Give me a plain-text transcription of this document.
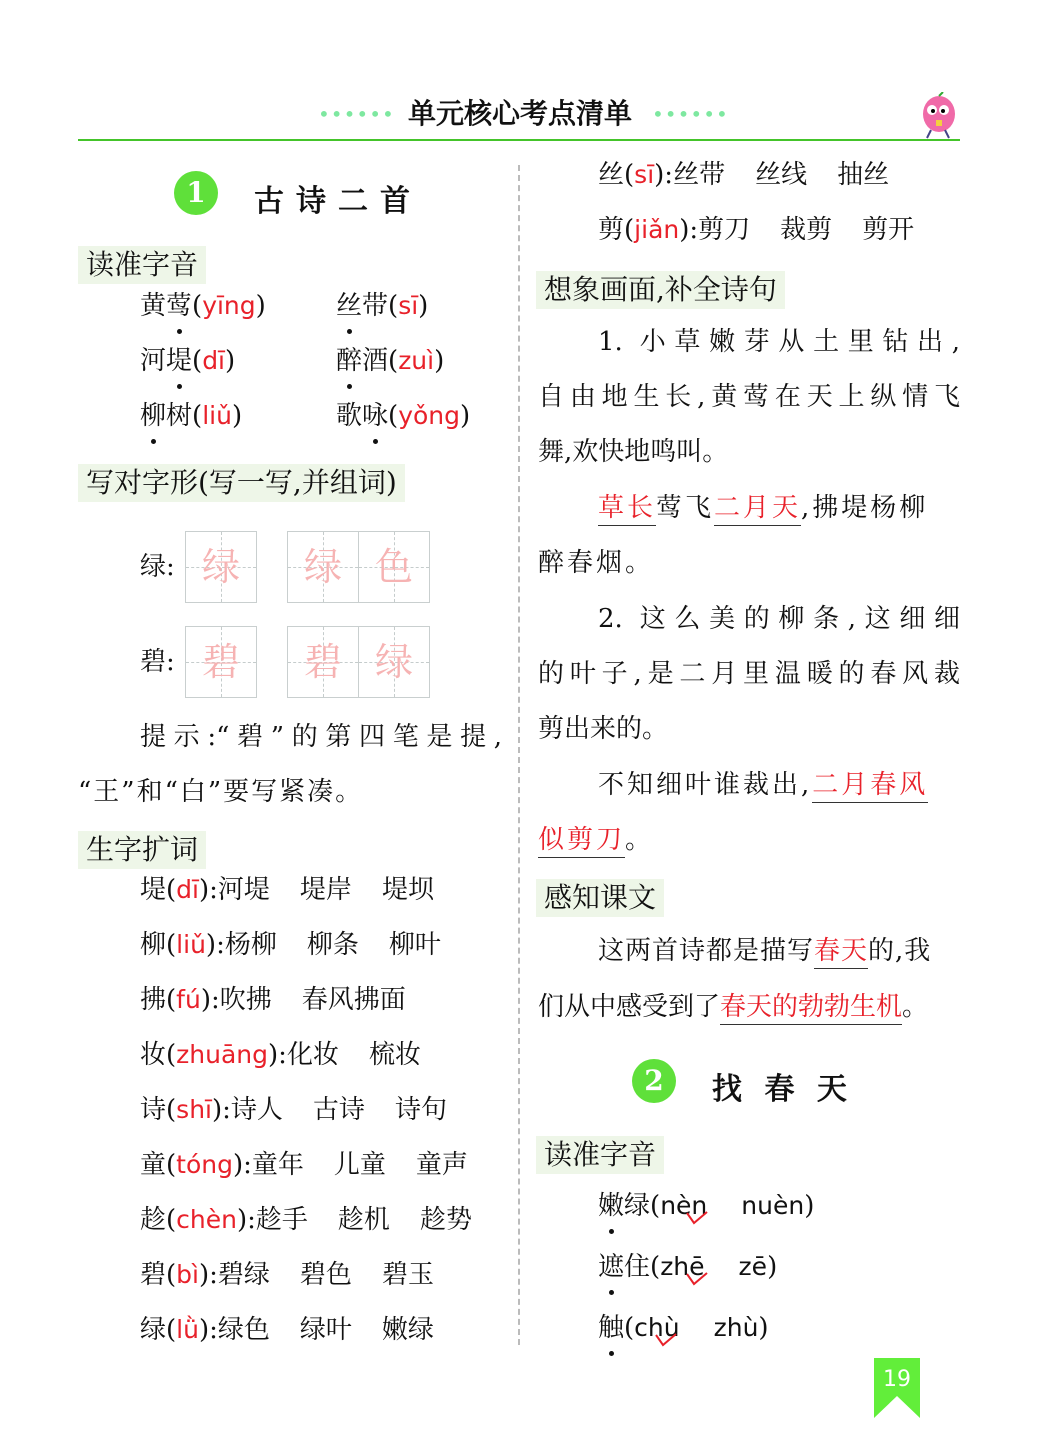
•••••• 单元核心考点清单 ••••••
1	古诗二首
读准字音
黄莺(yīng)	丝带(sī)
河堤(dī)	醉酒(zuì)
柳树(liǔ)	歌咏(yǒng)
写对字形(写一写,并组词)
绿: 绿	绿 色
碧: 碧	碧 绿
提示:“碧”的第四笔是提,
“王”和“白”要写紧凑。
生字扩词
堤(dī):河堤 堤岸 堤坝
柳(liǔ):杨柳 柳条 柳叶
拂(fú):吹拂 春风拂面
妆(zhuāng):化妆 梳妆
诗(shī):诗人 古诗 诗句
童(tóng):童年 儿童 童声
趁(chèn):趁手 趁机 趁势
碧(bì):碧绿 碧色 碧玉
绿(lǜ):绿色 绿叶 嫩绿
丝(sī):丝带 丝线 抽丝
剪(jiǎn):剪刀 裁剪 剪开
想象画面,补全诗句
1. 小草嫩芽从土里钻出,
自由地生长,黄莺在天上纵情飞
舞,欢快地鸣叫。
草长莺飞二月天,拂堤杨柳
醉春烟。
2. 这么美的柳条,这细细
的叶子,是二月里温暖的春风裁
剪出来的。
不知细叶谁裁出,二月春风
似剪刀。
感知课文
这两首诗都是描写春天的,我
们从中感受到了春天的勃勃生机。
2	找 春 天
读准字音
嫩绿(nèn nuèn)
遮住(zhē zē)
触(chù zhù)
19
